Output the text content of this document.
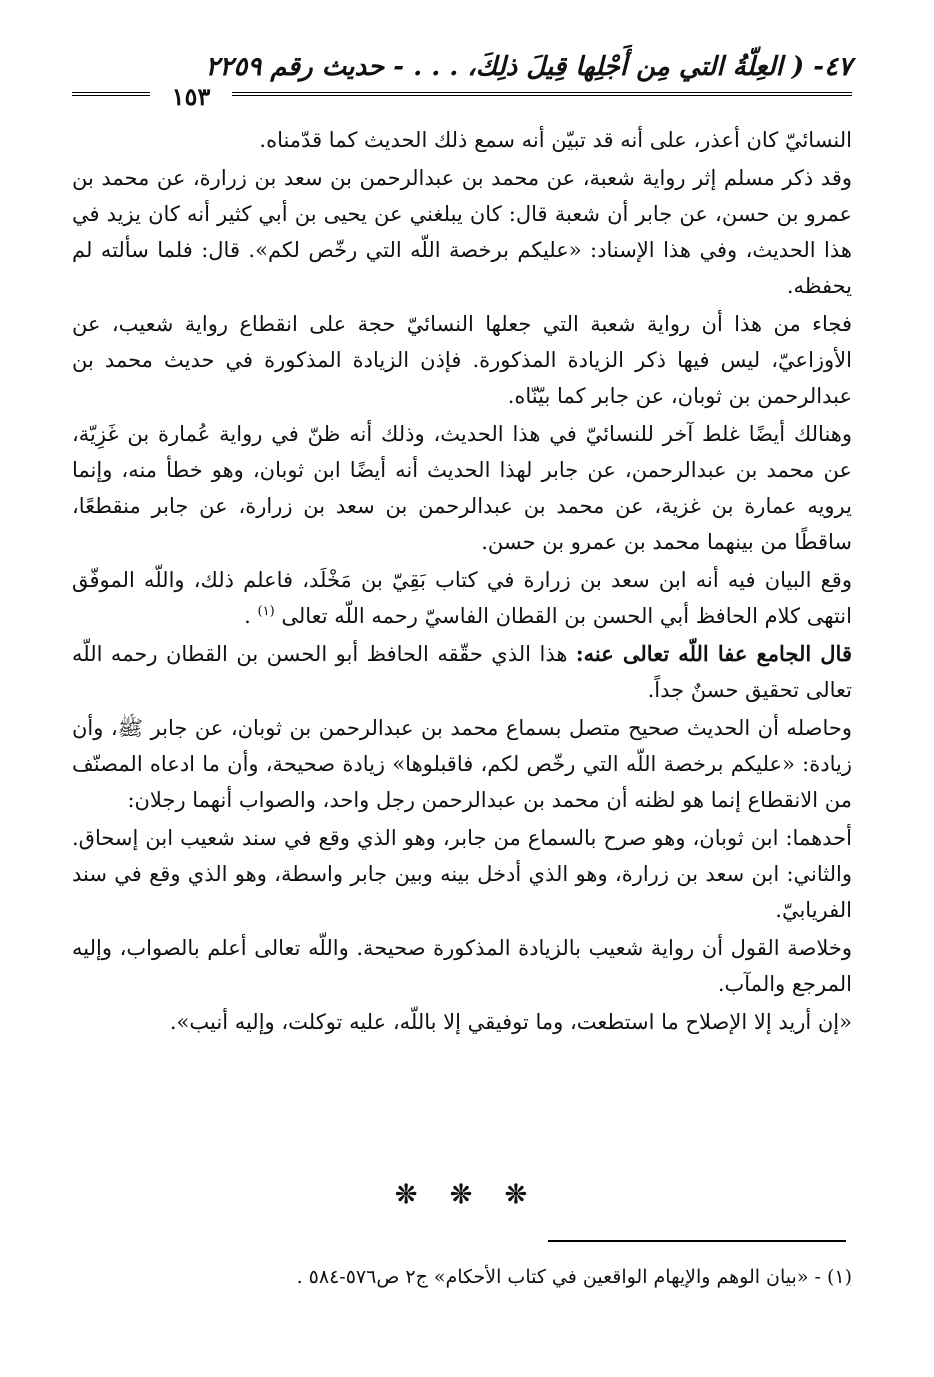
٤٧- ( العِلّةُ التي مِن أَجْلِها قِيلَ ذلِكَ، . . . - حديث رقم ٢٢٥٩
١٥٣

النسائيّ كان أعذر، على أنه قد تبيّن أنه سمع ذلك الحديث كما قدّمناه.

وقد ذكر مسلم إثر رواية شعبة، عن محمد بن عبدالرحمن بن سعد بن زرارة، عن محمد بن عمرو بن حسن، عن جابر أن شعبة قال: كان يبلغني عن يحيى بن أبي كثير أنه كان يزيد في هذا الحديث، وفي هذا الإسناد: «عليكم برخصة اللّه التي رخّص لكم». قال: فلما سألته لم يحفظه.

فجاء من هذا أن رواية شعبة التي جعلها النسائيّ حجة على انقطاع رواية شعيب، عن الأوزاعيّ، ليس فيها ذكر الزيادة المذكورة. فإذن الزيادة المذكورة في حديث محمد بن عبدالرحمن بن ثوبان، عن جابر كما بيّنّاه.

وهنالك أيضًا غلط آخر للنسائيّ في هذا الحديث، وذلك أنه ظنّ في رواية عُمارة بن غَزِيّة، عن محمد بن عبدالرحمن، عن جابر لهذا الحديث أنه أيضًا ابن ثوبان، وهو خطأ منه، وإنما يرويه عمارة بن غزية، عن محمد بن عبدالرحمن بن سعد بن زرارة، عن جابر منقطعًا، ساقطًا من بينهما محمد بن عمرو بن حسن.

وقع البيان فيه أنه ابن سعد بن زرارة في كتاب بَقِيّ بن مَخْلَد، فاعلم ذلك، واللّه الموفّق انتهى كلام الحافظ أبي الحسن بن القطان الفاسيّ رحمه اللّه تعالى $^{(١)}$ .

قال الجامع عفا اللّه تعالى عنه: هذا الذي حقّقه الحافظ أبو الحسن بن القطان رحمه اللّه تعالى تحقيق حسنٌ جداً.

وحاصله أن الحديث صحيح متصل بسماع محمد بن عبدالرحمن بن ثوبان، عن جابر ﷺ، وأن زيادة: «عليكم برخصة اللّه التي رخّص لكم، فاقبلوها» زيادة صحيحة، وأن ما ادعاه المصنّف من الانقطاع إنما هو لظنه أن محمد بن عبدالرحمن رجل واحد، والصواب أنهما رجلان:

أحدهما: ابن ثوبان، وهو صرح بالسماع من جابر، وهو الذي وقع في سند شعيب ابن إسحاق. والثاني: ابن سعد بن زرارة، وهو الذي أدخل بينه وبين جابر واسطة، وهو الذي وقع في سند الفريابيّ.

وخلاصة القول أن رواية شعيب بالزيادة المذكورة صحيحة. واللّه تعالى أعلم بالصواب، وإليه المرجع والمآب.

«إن أريد إلا الإصلاح ما استطعت، وما توفيقي إلا باللّه، عليه توكلت، وإليه أنيب».

❊ ❊ ❊
(١) - «بيان الوهم والإيهام الواقعين في كتاب الأحكام» ج٢ ص٥٧٦-٥٨٤ .
